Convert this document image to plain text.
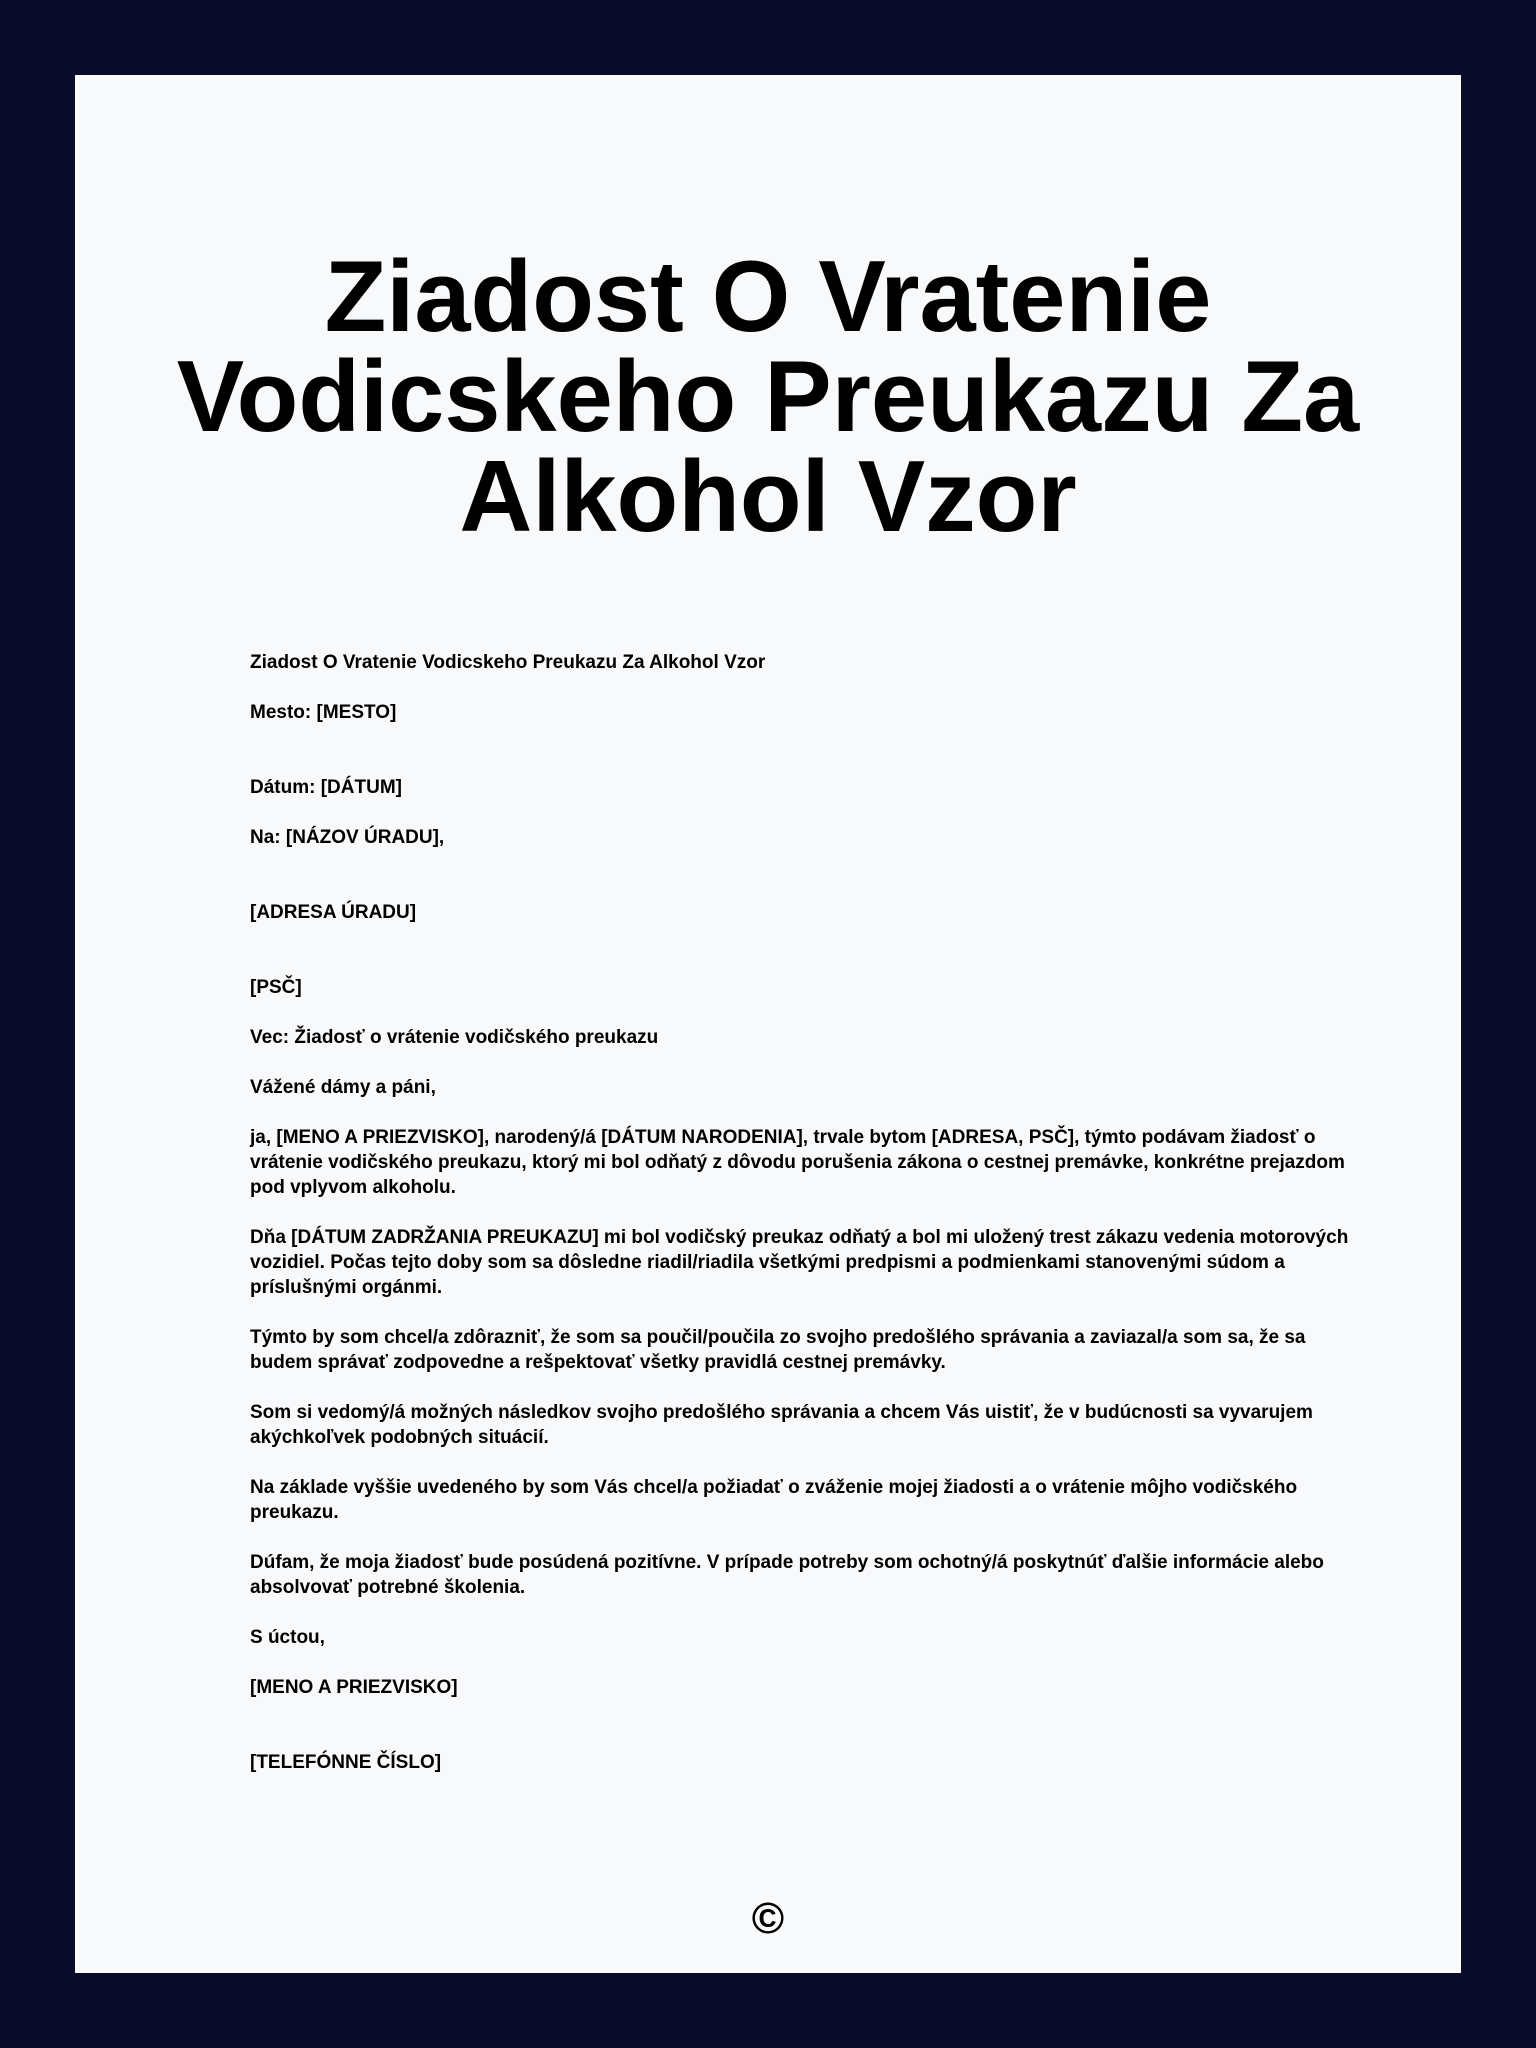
Ziadost O Vratenie Vodicskeho Preukazu Za Alkohol Vzor

Ziadost O Vratenie Vodicskeho Preukazu Za Alkohol Vzor

Mesto: [MESTO]

Dátum: [DÁTUM]

Na: [NÁZOV ÚRADU],

[ADRESA ÚRADU]

[PSČ]

Vec: Žiadosť o vrátenie vodičského preukazu

Vážené dámy a páni,

ja, [MENO A PRIEZVISKO], narodený/á [DÁTUM NARODENIA], trvale bytom [ADRESA, PSČ], týmto podávam žiadosť o vrátenie vodičského preukazu, ktorý mi bol odňatý z dôvodu porušenia zákona o cestnej premávke, konkrétne prejazdom pod vplyvom alkoholu.

Dňa [DÁTUM ZADRŽANIA PREUKAZU] mi bol vodičský preukaz odňatý a bol mi uložený trest zákazu vedenia motorových vozidiel. Počas tejto doby som sa dôsledne riadil/riadila všetkými predpismi a podmienkami stanovenými súdom a príslušnými orgánmi.

Týmto by som chcel/a zdôrazniť, že som sa poučil/poučila zo svojho predošlého správania a zaviazal/a som sa, že sa budem správať zodpovedne a rešpektovať všetky pravidlá cestnej premávky.

Som si vedomý/á možných následkov svojho predošlého správania a chcem Vás uistiť, že v budúcnosti sa vyvarujem akýchkoľvek podobných situácií.

Na základe vyššie uvedeného by som Vás chcel/a požiadať o zváženie mojej žiadosti a o vrátenie môjho vodičského preukazu.

Dúfam, že moja žiadosť bude posúdená pozitívne. V prípade potreby som ochotný/á poskytnúť ďalšie informácie alebo absolvovať potrebné školenia.

S úctou,

[MENO A PRIEZVISKO]

[TELEFÓNNE ČÍSLO]

©
